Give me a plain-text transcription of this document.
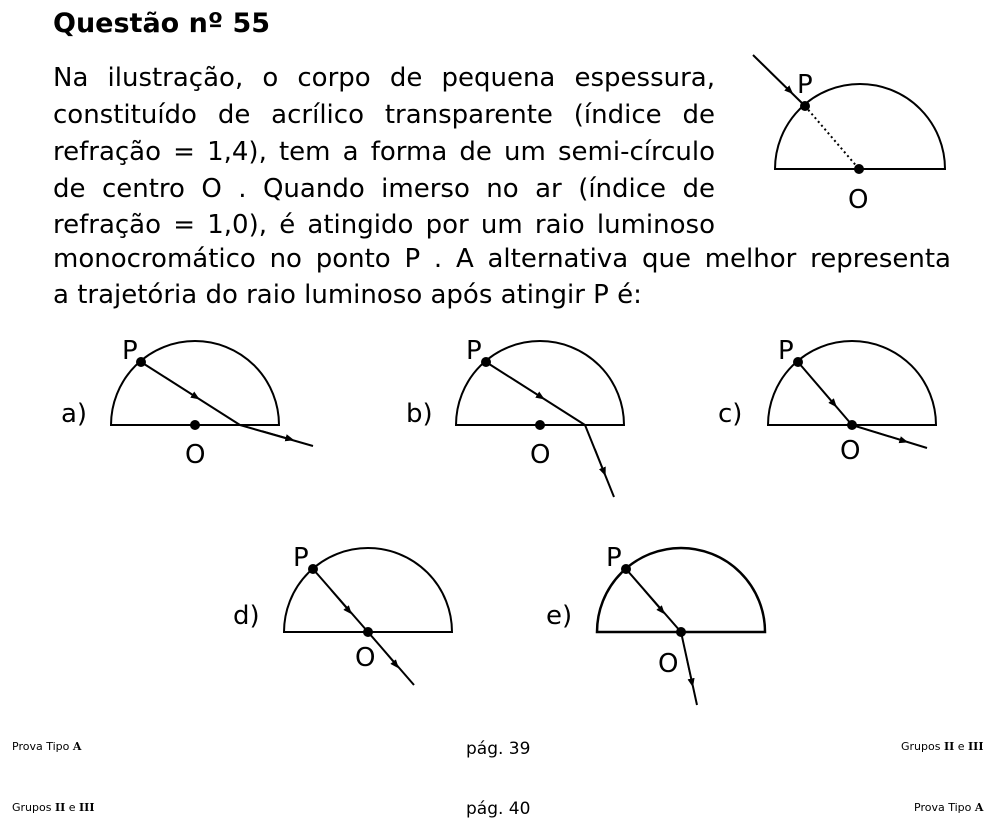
Questão nº 55
Na ilustração, o corpo de pequena espessura,
constituído de acrílico transparente (índice de
refração = 1,4), tem a forma de um semi-círculo
de centro O . Quando imerso no ar (índice de
refração = 1,0), é atingido por um raio luminoso
monocromático no ponto P . A alternativa que melhor representa
a trajetória do raio luminoso após atingir P é:
P
O
a)
P
O
b)
P
O
c)
P
O
d)
P
O
e)
P
O
Prova Tipo A	pág. 39	Grupos II e III
Grupos II e III	pág. 40	Prova Tipo A
